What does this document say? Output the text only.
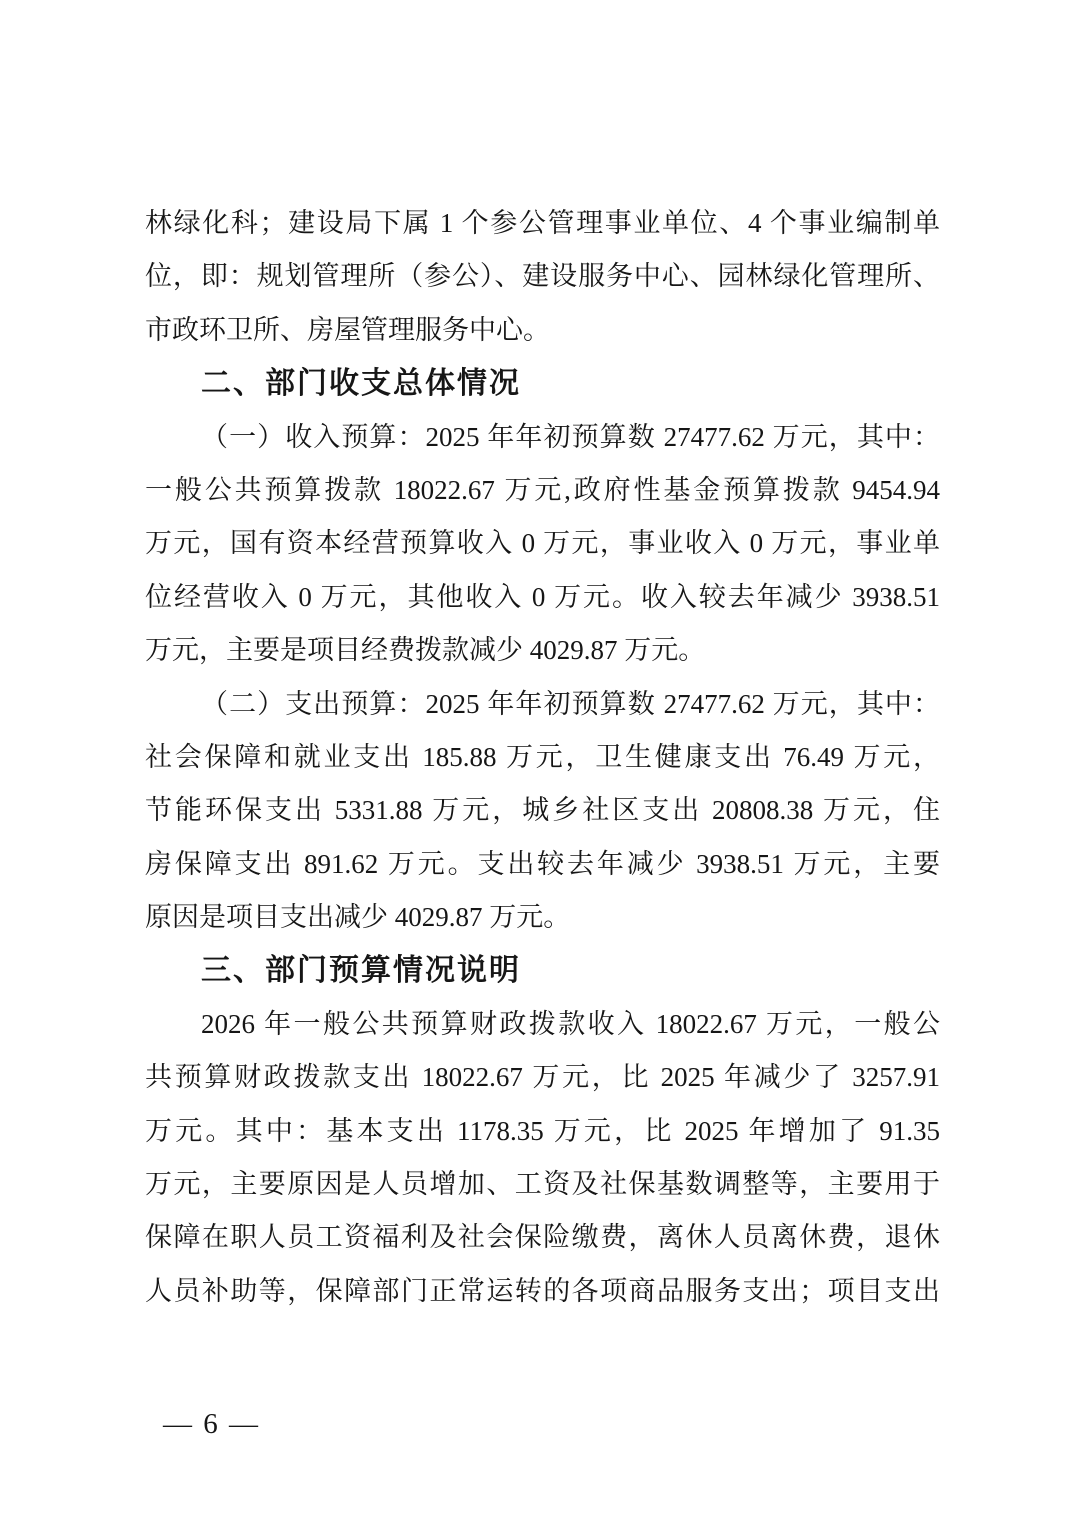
林绿化科；建设局下属 1 个参公管理事业单位、4 个事业编制单
位，即：规划管理所（参公）、建设服务中心、园林绿化管理所、
市政环卫所、房屋管理服务中心。
二、部门收支总体情况
（一）收入预算：2025 年年初预算数 27477.62 万元，其中：
一般公共预算拨款 18022.67 万元,政府性基金预算拨款 9454.94
万元，国有资本经营预算收入 0 万元，事业收入 0 万元，事业单
位经营收入 0 万元，其他收入 0 万元。收入较去年减少 3938.51
万元，主要是项目经费拨款减少 4029.87 万元。
（二）支出预算：2025 年年初预算数 27477.62 万元，其中：
社会保障和就业支出 185.88 万元，卫生健康支出 76.49 万元，
节能环保支出 5331.88 万元，城乡社区支出 20808.38 万元，住
房保障支出 891.62 万元。支出较去年减少 3938.51 万元，主要
原因是项目支出减少 4029.87 万元。
三、部门预算情况说明
2026 年一般公共预算财政拨款收入 18022.67 万元，一般公
共预算财政拨款支出 18022.67 万元，比 2025 年减少了 3257.91
万元。其中：基本支出 1178.35 万元，比 2025 年增加了 91.35
万元，主要原因是人员增加、工资及社保基数调整等，主要用于
保障在职人员工资福利及社会保险缴费，离休人员离休费，退休
人员补助等，保障部门正常运转的各项商品服务支出；项目支出
— 6 —
